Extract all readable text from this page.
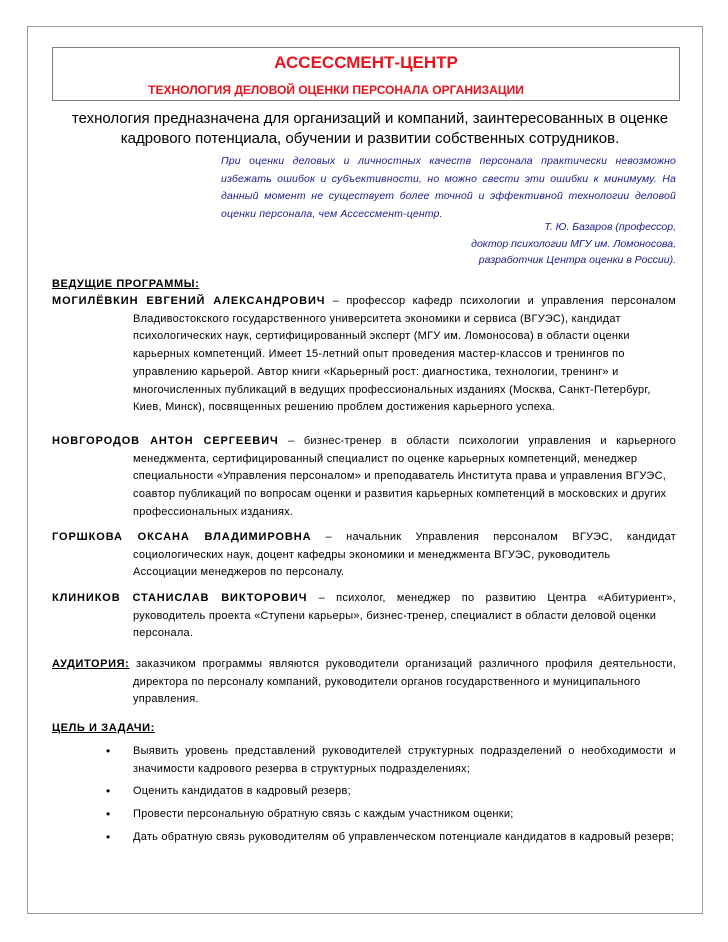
АССЕССМЕНТ-ЦЕНТР
ТЕХНОЛОГИЯ ДЕЛОВОЙ ОЦЕНКИ ПЕРСОНАЛА ОРГАНИЗАЦИИ
технология предназначена для организаций и компаний, заинтересованных в оценке
кадрового потенциала, обучении и развитии собственных сотрудников.
При оценки деловых и личностных качеств персонала практически невозможно избежать ошибок и субъективности, но можно свести эти ошибки к минимуму. На данный момент не существует более точной и эффективной технологии деловой оценки персонала, чем Ассессмент-центр.
Т. Ю. Базаров (профессор,
доктор психологии МГУ им. Ломоносова,
разработчик Центра оценки в России).
ВЕДУЩИЕ ПРОГРАММЫ:
МОГИЛЁВКИН ЕВГЕНИЙ АЛЕКСАНДРОВИЧ – профессор кафедр психологии и управления персоналом
Владивостокского государственного университета экономики и сервиса (ВГУЭС), кандидат психологических наук, сертифицированный эксперт (МГУ им. Ломоносова) в области оценки карьерных компетенций. Имеет 15-летний опыт проведения мастер-классов и тренингов по управлению карьерой. Автор книги «Карьерный рост: диагностика, технологии, тренинг» и многочисленных публикаций в ведущих профессиональных изданиях (Москва, Санкт-Петербург, Киев, Минск), посвященных решению проблем достижения карьерного успеха.
НОВГОРОДОВ АНТОН СЕРГЕЕВИЧ – бизнес-тренер в области психологии управления и карьерного
менеджмента, сертифицированный специалист по оценке карьерных компетенций, менеджер специальности «Управления персоналом» и преподаватель Института права и управления ВГУЭС, соавтор публикаций по вопросам оценки и развития карьерных компетенций в московских и других профессиональных изданиях.
ГОРШКОВА ОКСАНА ВЛАДИМИРОВНА – начальник Управления персоналом ВГУЭС, кандидат
социологических наук, доцент кафедры экономики и менеджмента ВГУЭС, руководитель Ассоциации менеджеров по персоналу.
КЛИНИКОВ СТАНИСЛАВ ВИКТОРОВИЧ – психолог, менеджер по развитию Центра «Абитуриент»,
руководитель проекта «Ступени карьеры», бизнес-тренер, специалист в области деловой оценки персонала.
АУДИТОРИЯ: заказчиком программы являются руководители организаций различного профиля деятельности,
директора по персоналу компаний, руководители органов государственного и муниципального управления.
ЦЕЛЬ И ЗАДАЧИ:
• Выявить уровень представлений руководителей структурных подразделений о необходимости и значимости кадрового резерва в структурных подразделениях;
• Оценить кандидатов в кадровый резерв;
• Провести персональную обратную связь с каждым участником оценки;
• Дать обратную связь руководителям об управленческом потенциале кандидатов в кадровый резерв;
